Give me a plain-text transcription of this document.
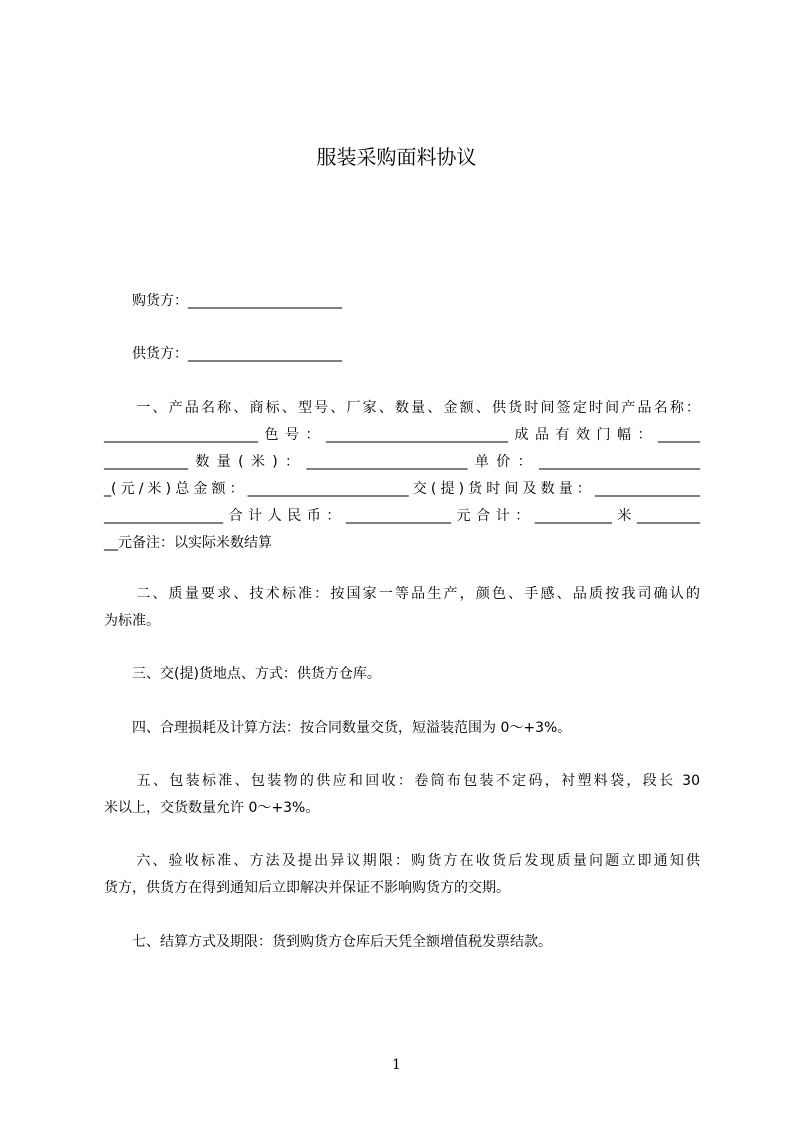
服装采购面料协议
　　购货方：______________________
　　供货方：______________________
　　一、产品名称、商标、型号、厂家、数量、金额、供货时间签定时间产品名称：
______________________色号：__________________________成品有效门幅：______
____________数量(米)：_______________________单价：_______________________
_(元/米)总金额：_______________________交(提)货时间及数量：_______________
_________________合计人民币：_______________元合计：___________米_________
__元备注：以实际米数结算
　　二、质量要求、技术标准：按国家一等品生产，颜色、手感、品质按我司确认的
为标准。
　　三、交(提)货地点、方式：供货方仓库。
　　四、合理损耗及计算方法：按合同数量交货，短溢装范围为 0～+3%。
　　五、包装标准、包装物的供应和回收：卷筒布包装不定码，衬塑料袋，段长 30
米以上，交货数量允许 0～+3%。
　　六、验收标准、方法及提出异议期限：购货方在收货后发现质量问题立即通知供
货方，供货方在得到通知后立即解决并保证不影响购货方的交期。
　　七、结算方式及期限：货到购货方仓库后天凭全额增值税发票结款。
1
